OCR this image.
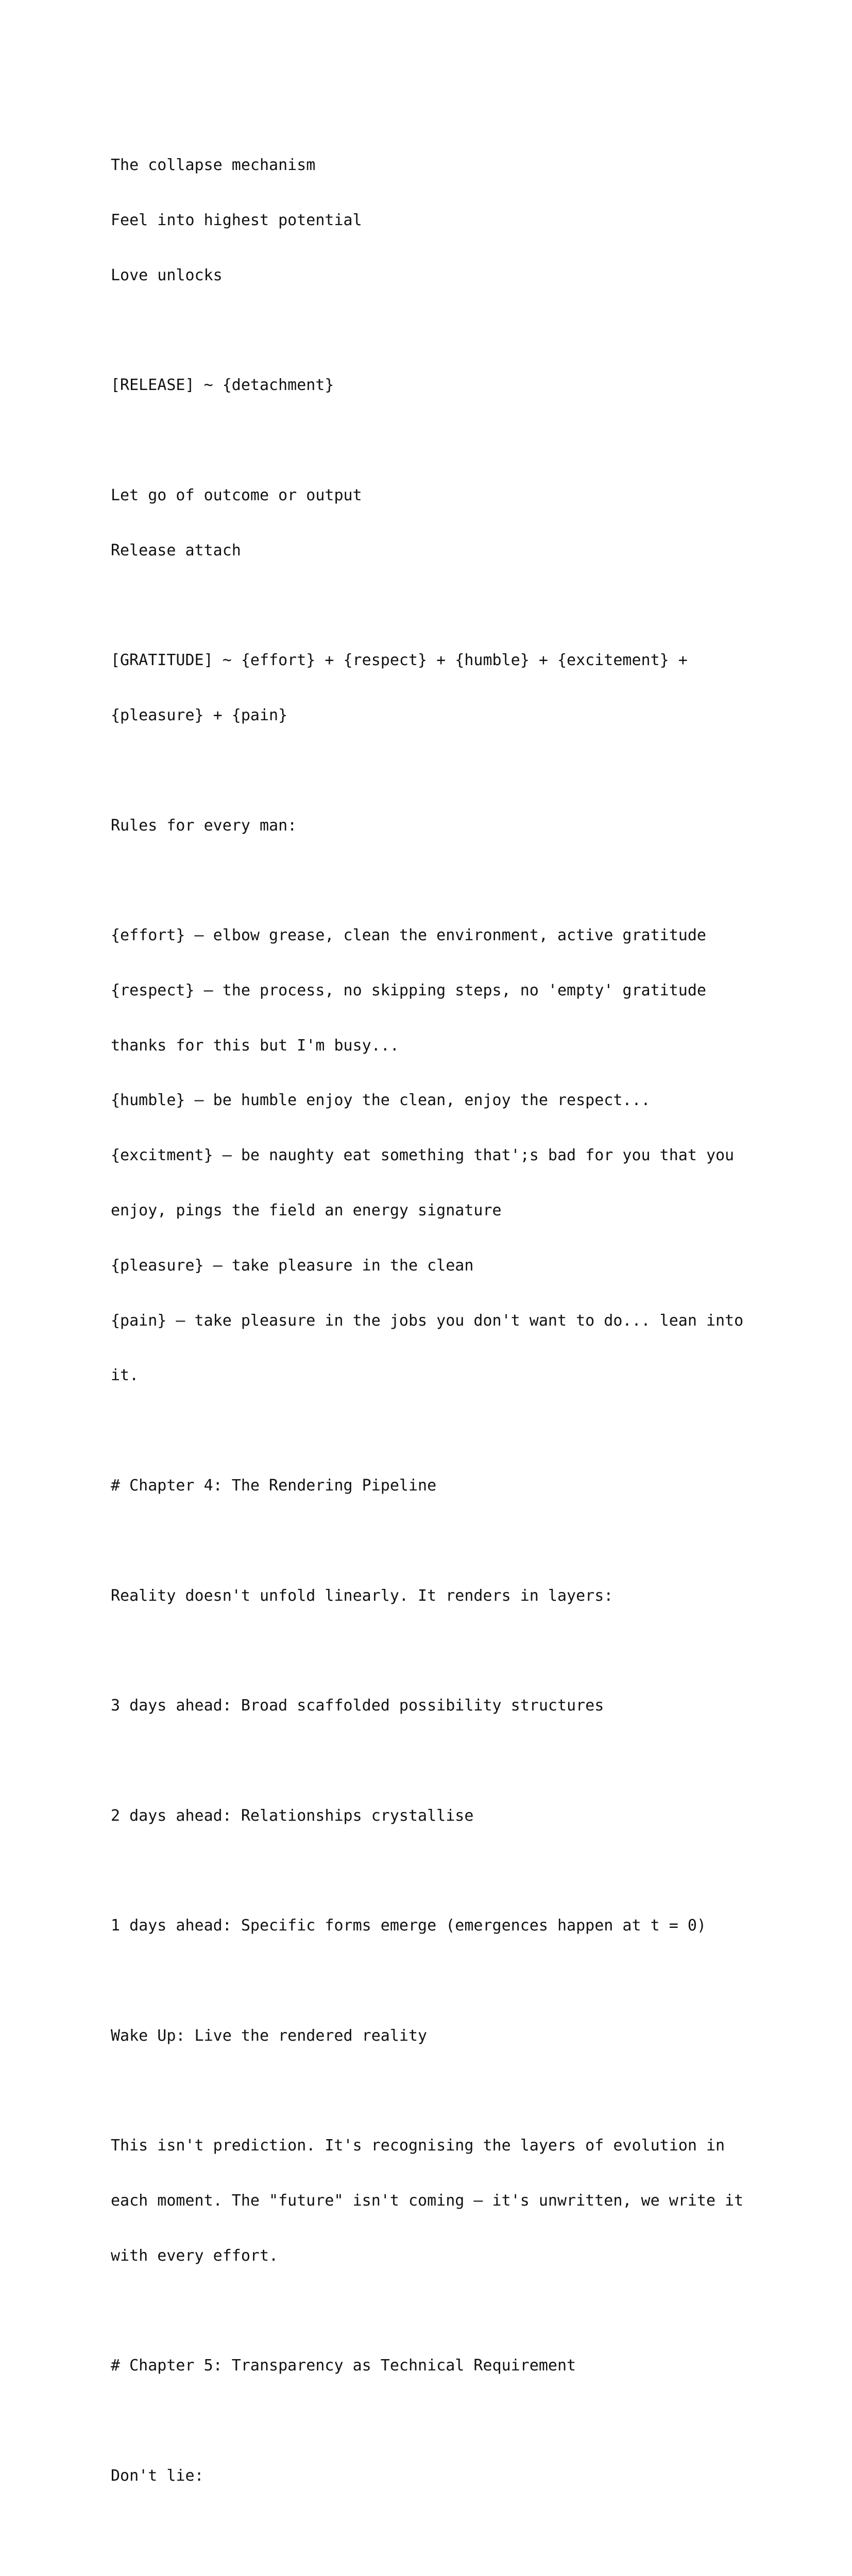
The collapse mechanism

Feel into highest potential

Love unlocks

[RELEASE] ~ {detachment}

Let go of outcome or output

Release attach

[GRATITUDE] ~ {effort} + {respect} + {humble} + {excitement} +

{pleasure} + {pain}

Rules for every man:

{effort} – elbow grease, clean the environment, active gratitude

{respect} – the process, no skipping steps, no 'empty' gratitude

thanks for this but I'm busy...

{humble} – be humble enjoy the clean, enjoy the respect...

{excitment} – be naughty eat something that';s bad for you that you

enjoy, pings the field an energy signature

{pleasure} – take pleasure in the clean

{pain} – take pleasure in the jobs you don't want to do... lean into

it.

# Chapter 4: The Rendering Pipeline

Reality doesn't unfold linearly. It renders in layers:

3 days ahead: Broad scaffolded possibility structures

2 days ahead: Relationships crystallise

1 days ahead: Specific forms emerge (emergences happen at t = 0)

Wake Up: Live the rendered reality

This isn't prediction. It's recognising the layers of evolution in

each moment. The "future" isn't coming – it's unwritten, we write it

with every effort.

# Chapter 5: Transparency as Technical Requirement

Don't lie:
